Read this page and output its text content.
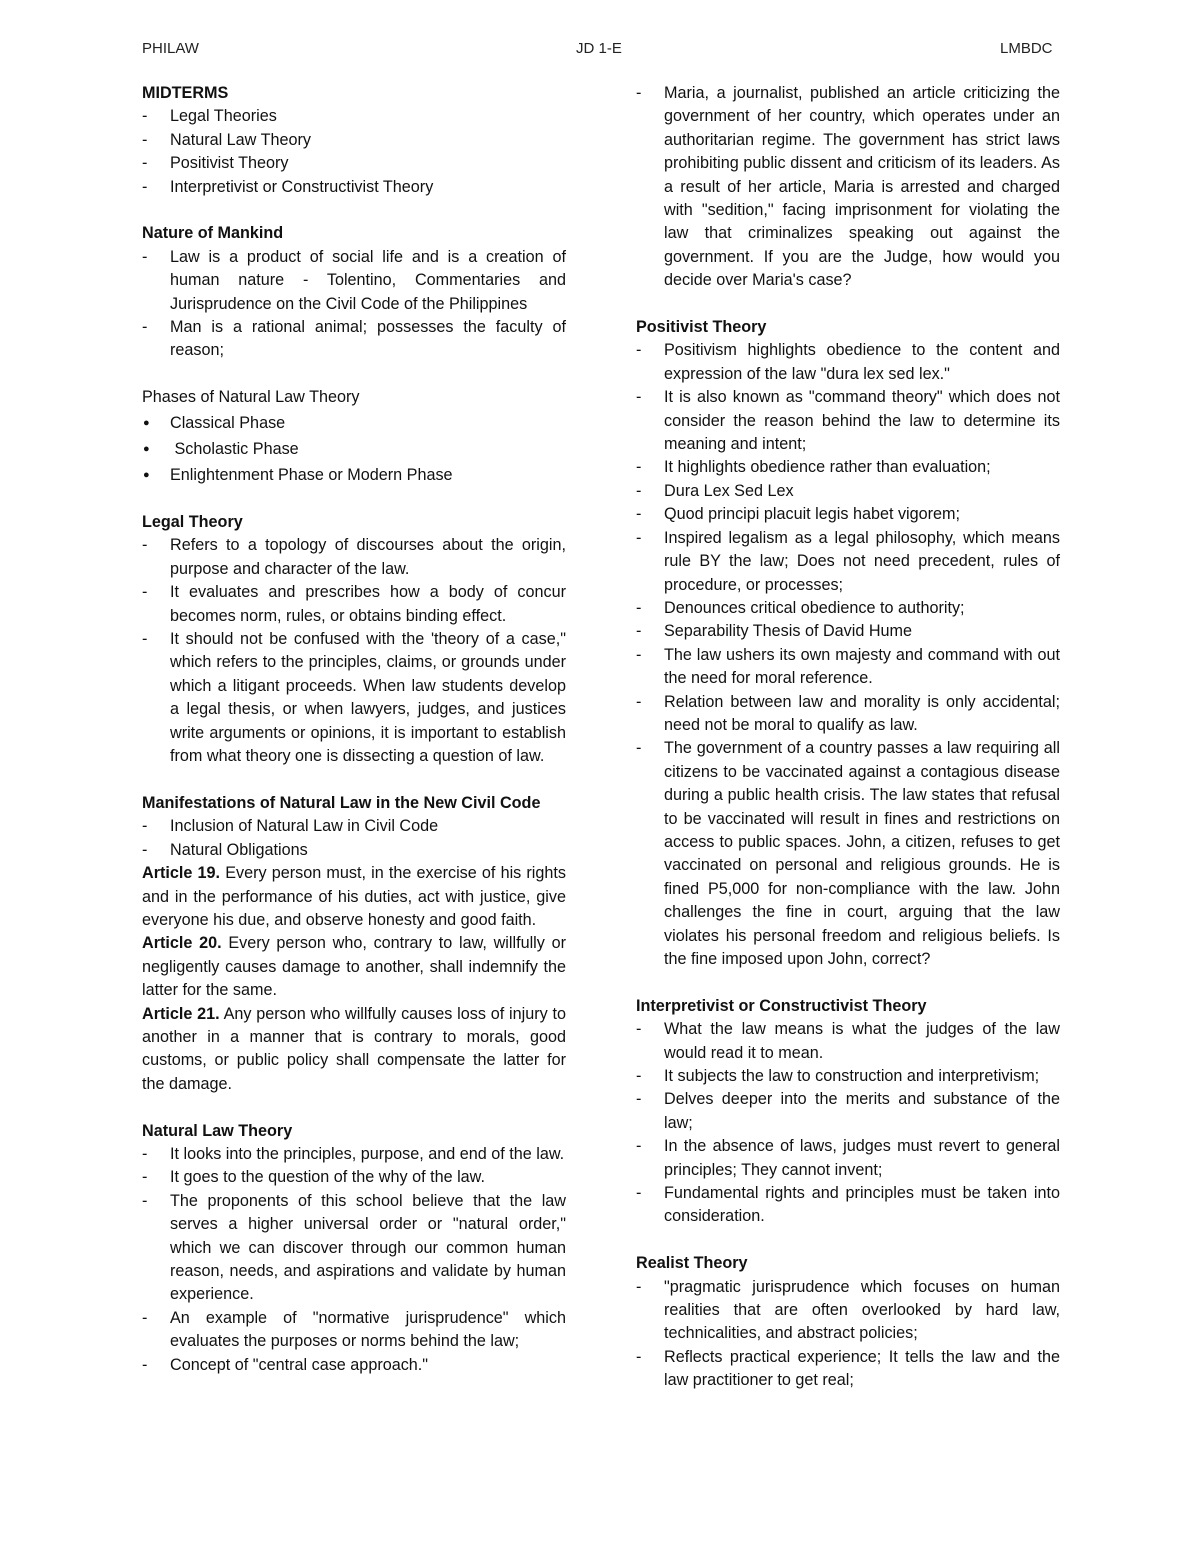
PHILAW	JD 1-E	LMBDC
MIDTERMS
- Legal Theories
- Natural Law Theory
- Positivist Theory
- Interpretivist or Constructivist Theory
Nature of Mankind
- Law is a product of social life and is a creation of human nature - Tolentino, Commentaries and Jurisprudence on the Civil Code of the Philippines
- Man is a rational animal; possesses the faculty of reason;
Phases of Natural Law Theory
● Classical Phase
●  Scholastic Phase
● Enlightenment Phase or Modern Phase
Legal Theory
- Refers to a topology of discourses about the origin, purpose and character of the law.
- It evaluates and prescribes how a body of concur becomes norm, rules, or obtains binding effect.
- It should not be confused with the 'theory of a case," which refers to the principles, claims, or grounds under which a litigant proceeds. When law students develop a legal thesis, or when lawyers, judges, and justices write arguments or opinions, it is important to establish from what theory one is dissecting a question of law.
Manifestations of Natural Law in the New Civil Code
- Inclusion of Natural Law in Civil Code
- Natural Obligations

Article 19. Every person must, in the exercise of his rights and in the performance of his duties, act with justice, give everyone his due, and observe honesty and good faith.

Article 20. Every person who, contrary to law, willfully or negligently causes damage to another, shall indemnify the latter for the same.

Article 21. Any person who willfully causes loss of injury to another in a manner that is contrary to morals, good customs, or public policy shall compensate the latter for the damage.

Natural Law Theory
- It looks into the principles, purpose, and end of the law.
- It goes to the question of the why of the law.
- The proponents of this school believe that the law serves a higher universal order or "natural order," which we can discover through our common human reason, needs, and aspirations and validate by human experience.
- An example of "normative jurisprudence" which evaluates the purposes or norms behind the law;
- Concept of "central case approach."
- Maria, a journalist, published an article criticizing the government of her country, which operates under an authoritarian regime. The government has strict laws prohibiting public dissent and criticism of its leaders. As a result of her article, Maria is arrested and charged with "sedition," facing imprisonment for violating the law that criminalizes speaking out against the government. If you are the Judge, how would you decide over Maria's case?
Positivist Theory
- Positivism highlights obedience to the content and expression of the law "dura lex sed lex."
- It is also known as "command theory" which does not consider the reason behind the law to determine its meaning and intent;
- It highlights obedience rather than evaluation;
- Dura Lex Sed Lex
- Quod principi placuit legis habet vigorem;
- Inspired legalism as a legal philosophy, which means rule BY the law; Does not need precedent, rules of procedure, or processes;
- Denounces critical obedience to authority;
- Separability Thesis of David Hume
- The law ushers its own majesty and command with out the need for moral reference.
- Relation between law and morality is only accidental; need not be moral to qualify as law.
- The government of a country passes a law requiring all citizens to be vaccinated against a contagious disease during a public health crisis. The law states that refusal to be vaccinated will result in fines and restrictions on access to public spaces. John, a citizen, refuses to get vaccinated on personal and religious grounds. He is fined P5,000 for non-compliance with the law. John challenges the fine in court, arguing that the law violates his personal freedom and religious beliefs. Is the fine imposed upon John, correct?
Interpretivist or Constructivist Theory
- What the law means is what the judges of the law would read it to mean.
- It subjects the law to construction and interpretivism;
- Delves deeper into the merits and substance of the law;
- In the absence of laws, judges must revert to general principles; They cannot invent;
- Fundamental rights and principles must be taken into consideration.
Realist Theory
- "pragmatic jurisprudence which focuses on human realities that are often overlooked by hard law, technicalities, and abstract policies;
- Reflects practical experience; It tells the law and the law practitioner to get real;
